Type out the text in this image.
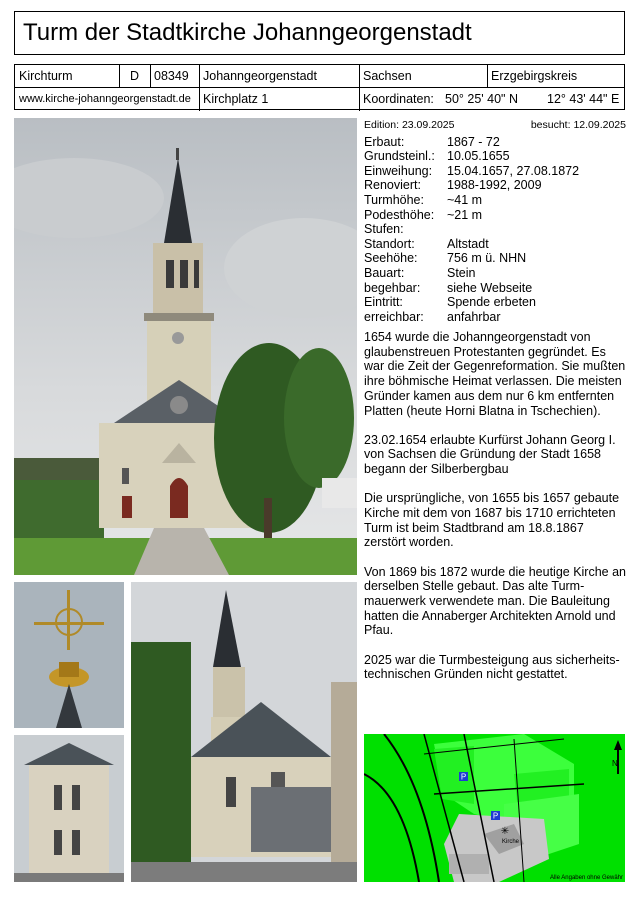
Turm der Stadtkirche Johanngeorgenstadt
Kirchturm	D	08349	Johanngeorgenstadt	Sachsen	Erzgebirgskreis
www.kirche-johanngeorgenstadt.de Kirchplatz 1	Koordinaten: 50° 25' 40" N	12° 43' 44" E
Edition: 23.09.2025	besucht: 12.09.2025
Erbaut:	1867 - 72
Grundsteinl.: 10.05.1655
Einweihung:	15.04.1657, 27.08.1872
Renoviert:	1988-1992, 2009
Turmhöhe:	~41 m
Podesthöhe:	~21 m
Stufen:
Standort:	Altstadt
Seehöhe:	756 m ü. NHN
Bauart:	Stein
begehbar:	siehe Webseite
Eintritt:	Spende erbeten
erreichbar:	anfahrbar

1654 wurde die Johanngeorgenstadt von glaubenstreuen Protestanten gegründet. Es war die Zeit der Gegenreformation. Sie mußten ihre böhmische Heimat verlassen. Die meisten Gründer kamen aus dem nur 6 km entfernten Platten (heute Horni Blatna in Tschechien).

23.02.1654 erlaubte Kurfürst Johann Georg I. von Sachsen die Gründung der Stadt 1658 begann der Silberbergbau

Die ursprüngliche, von 1655 bis 1657 gebaute Kirche mit dem von 1687 bis 1710 errichteten Turm ist beim Stadtbrand am 18.8.1867 zerstört worden.

Von 1869 bis 1872 wurde die heutige Kirche an derselben Stelle gebaut. Das alte Turm-mauerwerk verwendete man. Die Bauleitung hatten die Annaberger Architekten Arnold und Pfau.

2025 war die Turmbesteigung aus sicherheits-technischen Gründen nicht gestattet.

P
P
✳
Kirche
N
Alle Angaben ohne Gewähr
